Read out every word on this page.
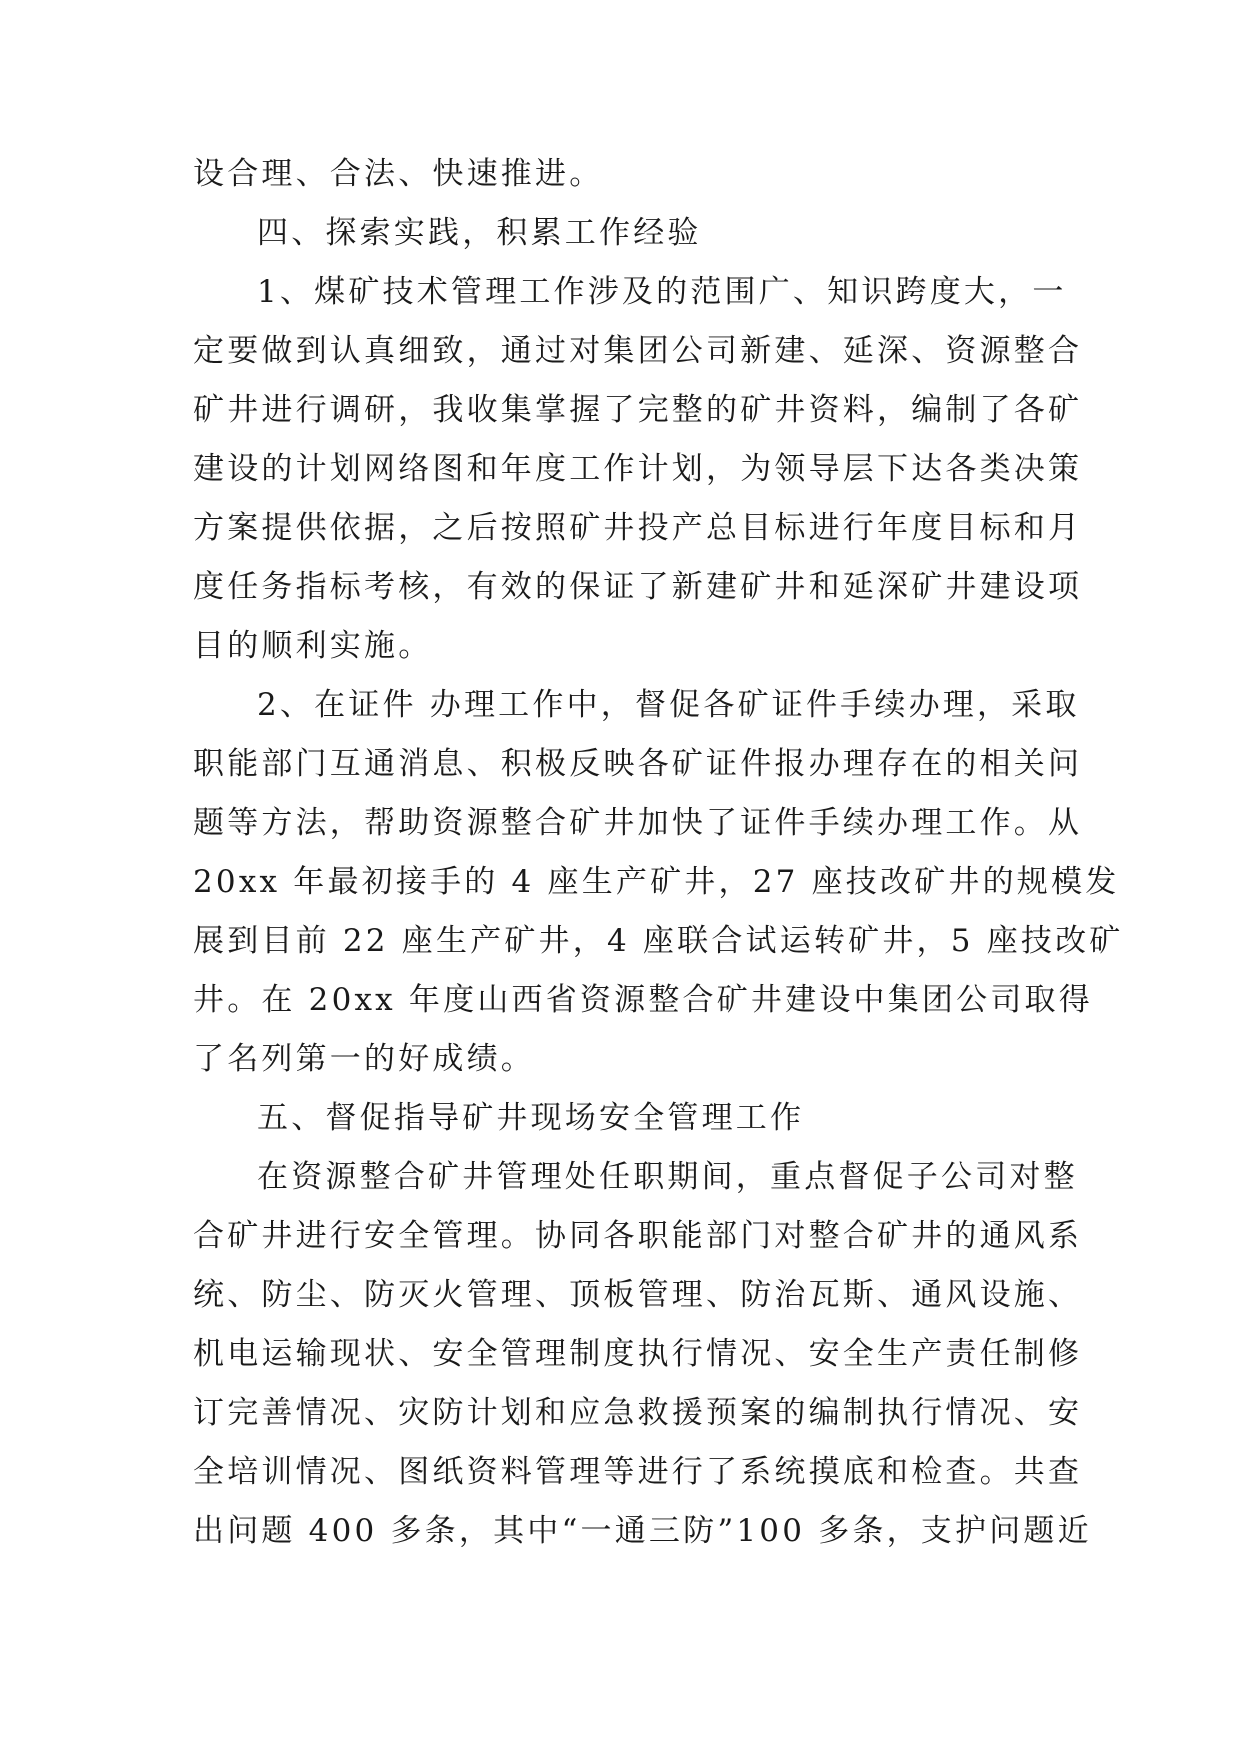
设合理、合法、快速推进。
四、探索实践，积累工作经验
1、煤矿技术管理工作涉及的范围广、知识跨度大，一
定要做到认真细致，通过对集团公司新建、延深、资源整合
矿井进行调研，我收集掌握了完整的矿井资料，编制了各矿
建设的计划网络图和年度工作计划，为领导层下达各类决策
方案提供依据，之后按照矿井投产总目标进行年度目标和月
度任务指标考核，有效的保证了新建矿井和延深矿井建设项
目的顺利实施。
2、在证件 办理工作中，督促各矿证件手续办理，采取
职能部门互通消息、积极反映各矿证件报办理存在的相关问
题等方法，帮助资源整合矿井加快了证件手续办理工作。从
20xx 年最初接手的 4 座生产矿井，27 座技改矿井的规模发
展到目前 22 座生产矿井，4 座联合试运转矿井，5 座技改矿
井。在 20xx 年度山西省资源整合矿井建设中集团公司取得
了名列第一的好成绩。
五、督促指导矿井现场安全管理工作
在资源整合矿井管理处任职期间，重点督促子公司对整
合矿井进行安全管理。协同各职能部门对整合矿井的通风系
统、防尘、防灭火管理、顶板管理、防治瓦斯、通风设施、
机电运输现状、安全管理制度执行情况、安全生产责任制修
订完善情况、灾防计划和应急救援预案的编制执行情况、安
全培训情况、图纸资料管理等进行了系统摸底和检查。共查
出问题 400 多条，其中“一通三防”100 多条，支护问题近
